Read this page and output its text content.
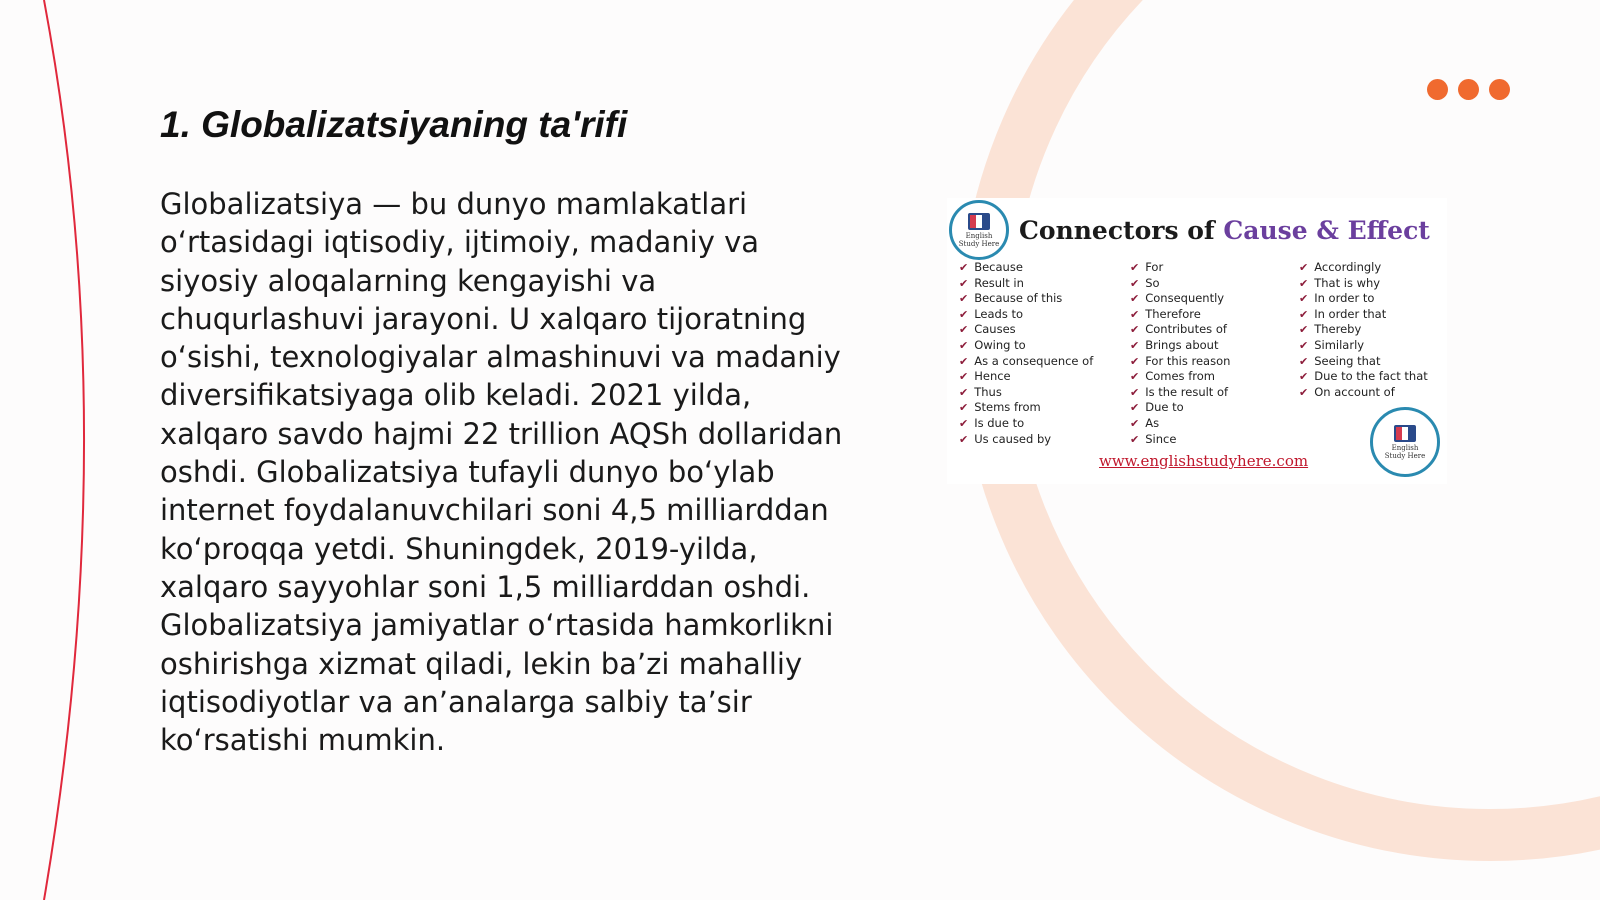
1. Globalizatsiyaning ta'rifi

Globalizatsiya — bu dunyo mamlakatlari oʻrtasidagi iqtisodiy, ijtimoiy, madaniy va siyosiy aloqalarning kengayishi va chuqurlashuvi jarayoni. U xalqaro tijoratning oʻsishi, texnologiyalar almashinuvi va madaniy diversifikatsiyaga olib keladi. 2021 yilda, xalqaro savdo hajmi 22 trillion AQSh dollaridan oshdi. Globalizatsiya tufayli dunyo boʻylab internet foydalanuvchilari soni 4,5 milliarddan koʻproqqa yetdi. Shuningdek, 2019-yilda, xalqaro sayyohlar soni 1,5 milliarddan oshdi. Globalizatsiya jamiyatlar oʻrtasida hamkorlikni oshirishga xizmat qiladi, lekin baʼzi mahalliy iqtisodiyotlar va anʼanalarga salbiy taʼsir koʻrsatishi mumkin.

English Study Here Connectors of Cause & Effect
✔ Because
✔ Result in
✔ Because of this
✔ Leads to
✔ Causes
✔ Owing to
✔ As a consequence of
✔ Hence
✔ Thus
✔ Stems from
✔ Is due to
✔ Us caused by
✔ For
✔ So
✔ Consequently
✔ Therefore
✔ Contributes of
✔ Brings about
✔ For this reason
✔ Comes from
✔ Is the result of
✔ Due to
✔ As
✔ Since
✔ Accordingly
✔ That is why
✔ In order to
✔ In order that
✔ Thereby
✔ Similarly
✔ Seeing that
✔ Due to the fact that
✔ On account of
www.englishstudyhere.com
English Study Here
